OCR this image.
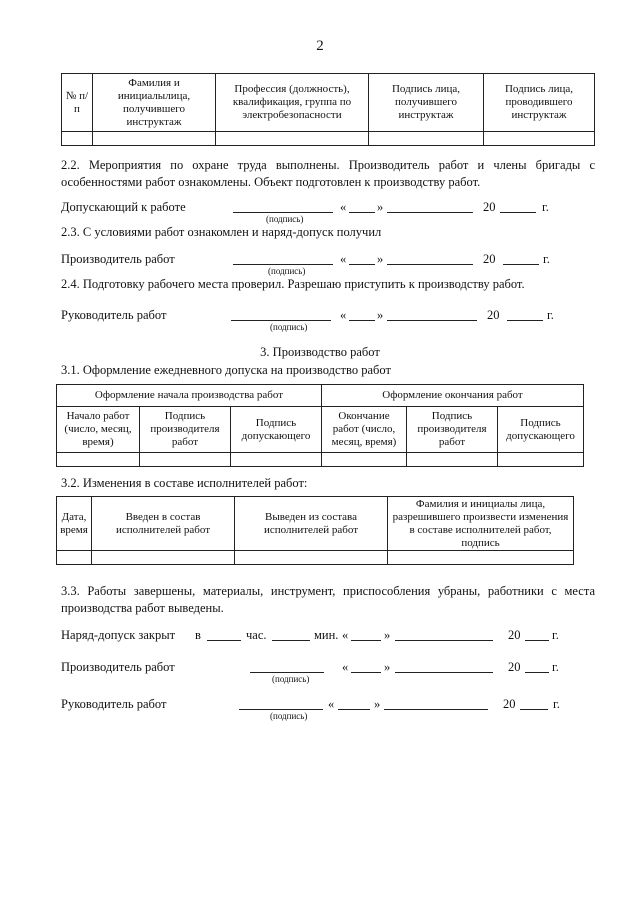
2
№ п/п	Фамилия и инициалылица, получившего инструктаж	Профессия (должность), квалификация, группа по электробезопасности	Подпись лица, получившего инструктаж	Подпись лица, проводившего инструктаж

2.2. Мероприятия по охране труда выполнены. Производитель работ и члены бригады с
особенностями работ ознакомлены. Объект подготовлен к производству работ.
Допускающий к работе
(подпись)
« »	20	г.
2.3. С условиями работ ознакомлен и наряд-допуск получил
Производитель работ
(подпись)
« »	20	г.
2.4. Подготовку рабочего места проверил. Разрешаю приступить к производству работ.
Руководитель работ
(подпись)
« »	20	г.
3. Производство работ
3.1. Оформление ежедневного допуска на производство работ
Оформление начала производства работ			Оформление окончания работ		
Начало работ (число, месяц, время)	Подпись производителя работ	Подпись допускающего	Окончание работ (число, месяц, время)	Подпись производителя работ	Подпись допускающего

3.2. Изменения в составе исполнителей работ:
Дата, время	Введен в состав исполнителей работ	Выведен из состава исполнителей работ	Фамилия и инициалы лица, разрешившего произвести изменения в составе исполнителей работ, подпись

3.3. Работы завершены, материалы, инструмент, приспособления убраны, работники с места
производства работ выведены.
Наряд-допуск закрыт в	час.	мин. «	»	20	г.
Производитель работ
(подпись)
«	»	20	г.
Руководитель работ
(подпись)
«	»	20	г.
